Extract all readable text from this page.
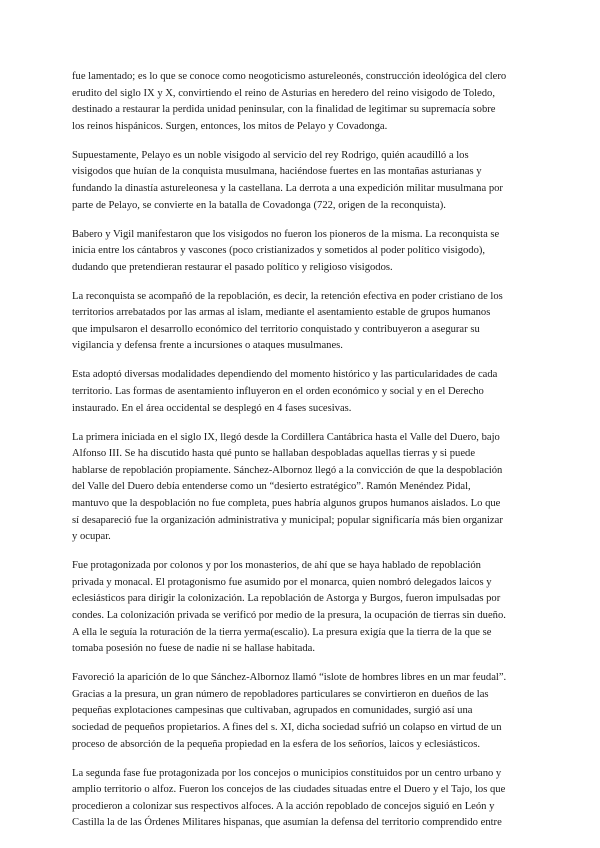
fue lamentado; es lo que se conoce como neogoticismo astureleonés, construcción ideológica del clero
erudito del siglo IX y X, convirtiendo el reino de Asturias en heredero del reino visigodo de Toledo,
destinado a restaurar la perdida unidad peninsular, con la finalidad de legitimar su supremacía sobre
los reinos hispánicos. Surgen, entonces, los mitos de Pelayo y Covadonga.
Supuestamente, Pelayo es un noble visigodo al servicio del rey Rodrigo, quién acaudilló a los
visigodos que huían de la conquista musulmana, haciéndose fuertes en las montañas asturianas y
fundando la dinastía astureleonesa y la castellana. La derrota a una expedición militar musulmana por
parte de Pelayo, se convierte en la batalla de Covadonga (722, origen de la reconquista).
Babero y Vigil manifestaron que los visigodos no fueron los pioneros de la misma. La reconquista se
inicia entre los cántabros y vascones (poco cristianizados y sometidos al poder político visigodo),
dudando que pretendieran restaurar el pasado político y religioso visigodos.
La reconquista se acompañó de la repoblación, es decir, la retención efectiva en poder cristiano de los
territorios arrebatados por las armas al islam, mediante el asentamiento estable de grupos humanos
que impulsaron el desarrollo económico del territorio conquistado y contribuyeron a asegurar su
vigilancia y defensa frente a incursiones o ataques musulmanes.
Esta adoptó diversas modalidades dependiendo del momento histórico y las particularidades de cada
territorio. Las formas de asentamiento influyeron en el orden económico y social y en el Derecho
instaurado. En el área occidental se desplegó en 4 fases sucesivas.
La primera iniciada en el siglo IX, llegó desde la Cordillera Cantábrica hasta el Valle del Duero, bajo
Alfonso III. Se ha discutido hasta qué punto se hallaban despobladas aquellas tierras y si puede
hablarse de repoblación propiamente. Sánchez-Albornoz llegó a la convicción de que la despoblación
del Valle del Duero debía entenderse como un “desierto estratégico”. Ramón Menéndez Pidal,
mantuvo que la despoblación no fue completa, pues habría algunos grupos humanos aislados. Lo que
sí desapareció fue la organización administrativa y municipal; popular significaría más bien organizar
y ocupar.
Fue protagonizada por colonos y por los monasterios, de ahí que se haya hablado de repoblación
privada y monacal. El protagonismo fue asumido por el monarca, quien nombró delegados laicos y
eclesiásticos para dirigir la colonización. La repoblación de Astorga y Burgos, fueron impulsadas por
condes. La colonización privada se verificó por medio de la presura, la ocupación de tierras sin dueño.
A ella le seguía la roturación de la tierra yerma(escalio). La presura exigía que la tierra de la que se
tomaba posesión no fuese de nadie ni se hallase habitada.
Favoreció la aparición de lo que Sánchez-Albornoz llamó “islote de hombres libres en un mar feudal”.
Gracias a la presura, un gran número de repobladores particulares se convirtieron en dueños de las
pequeñas explotaciones campesinas que cultivaban, agrupados en comunidades, surgió así una
sociedad de pequeños propietarios. A fines del s. XI, dicha sociedad sufrió un colapso en virtud de un
proceso de absorción de la pequeña propiedad en la esfera de los señoríos, laicos y eclesiásticos.
La segunda fase fue protagonizada por los concejos o municipios constituidos por un centro urbano y
amplio territorio o alfoz. Fueron los concejos de las ciudades situadas entre el Duero y el Tajo, los que
procedieron a colonizar sus respectivos alfoces. A la acción repoblado de concejos siguió en León y
Castilla la de las Órdenes Militares hispanas, que asumían la defensa del territorio comprendido entre
